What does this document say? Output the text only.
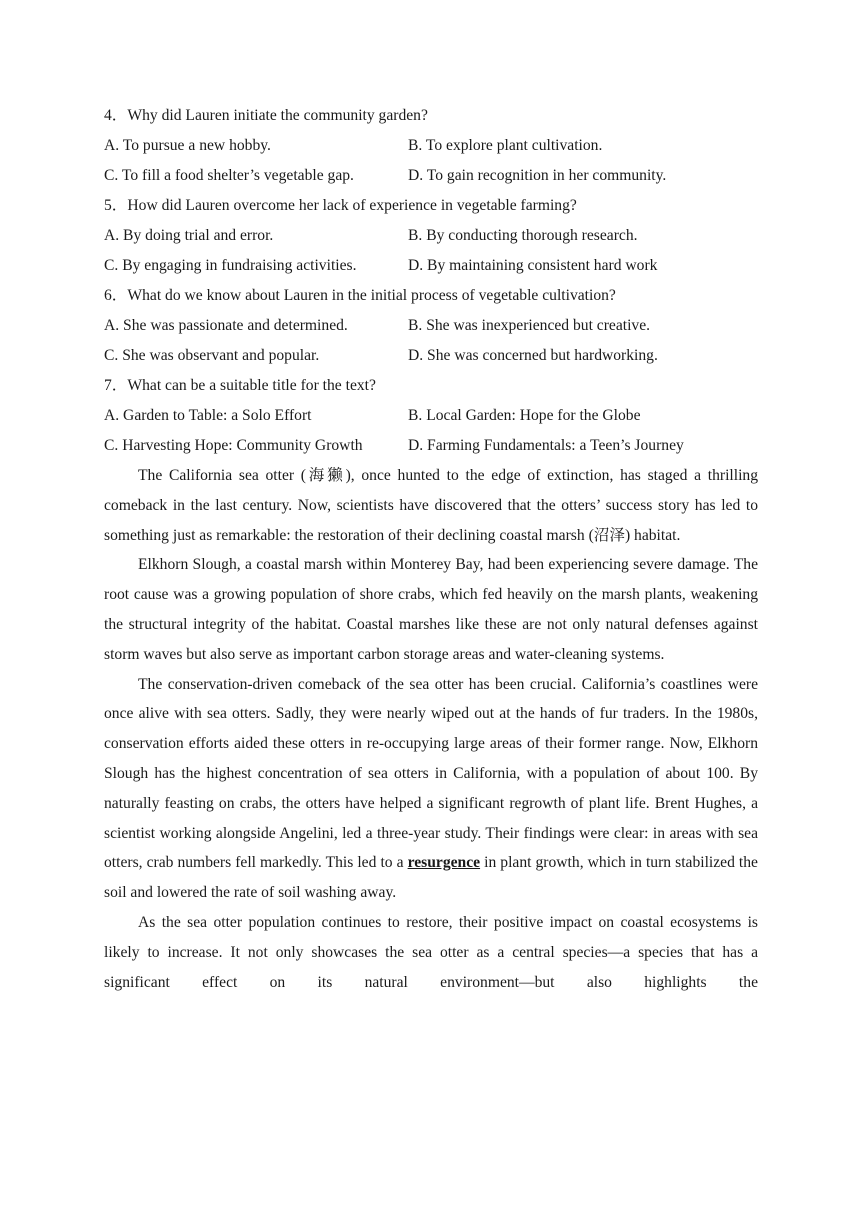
4．Why did Lauren initiate the community garden?
A. To pursue a new hobby.	B. To explore plant cultivation.
C. To fill a food shelter’s vegetable gap.	D. To gain recognition in her community.
5．How did Lauren overcome her lack of experience in vegetable farming?
A. By doing trial and error.	B. By conducting thorough research.
C. By engaging in fundraising activities.	D. By maintaining consistent hard work
6．What do we know about Lauren in the initial process of vegetable cultivation?
A. She was passionate and determined.	B. She was inexperienced but creative.
C. She was observant and popular.	D. She was concerned but hardworking.
7．What can be a suitable title for the text?
A. Garden to Table: a Solo Effort	B. Local Garden: Hope for the Globe
C. Harvesting Hope: Community Growth	D. Farming Fundamentals: a Teen’s Journey

The California sea otter (海獭), once hunted to the edge of extinction, has staged a thrilling comeback in the last century. Now, scientists have discovered that the otters’ success story has led to something just as remarkable: the restoration of their declining coastal marsh (沼泽) habitat.

Elkhorn Slough, a coastal marsh within Monterey Bay, had been experiencing severe damage. The root cause was a growing population of shore crabs, which fed heavily on the marsh plants, weakening the structural integrity of the habitat. Coastal marshes like these are not only natural defenses against storm waves but also serve as important carbon storage areas and water-cleaning systems.

The conservation-driven comeback of the sea otter has been crucial. California’s coastlines were once alive with sea otters. Sadly, they were nearly wiped out at the hands of fur traders. In the 1980s, conservation efforts aided these otters in re-occupying large areas of their former range. Now, Elkhorn Slough has the highest concentration of sea otters in California, with a population of about 100. By naturally feasting on crabs, the otters have helped a significant regrowth of plant life. Brent Hughes, a scientist working alongside Angelini, led a three-year study. Their findings were clear: in areas with sea otters, crab numbers fell markedly. This led to a resurgence in plant growth, which in turn stabilized the soil and lowered the rate of soil washing away.

As the sea otter population continues to restore, their positive impact on coastal ecosystems is likely to increase. It not only showcases the sea otter as a central species—a species that has a significant effect on its natural environment—but also highlights the
